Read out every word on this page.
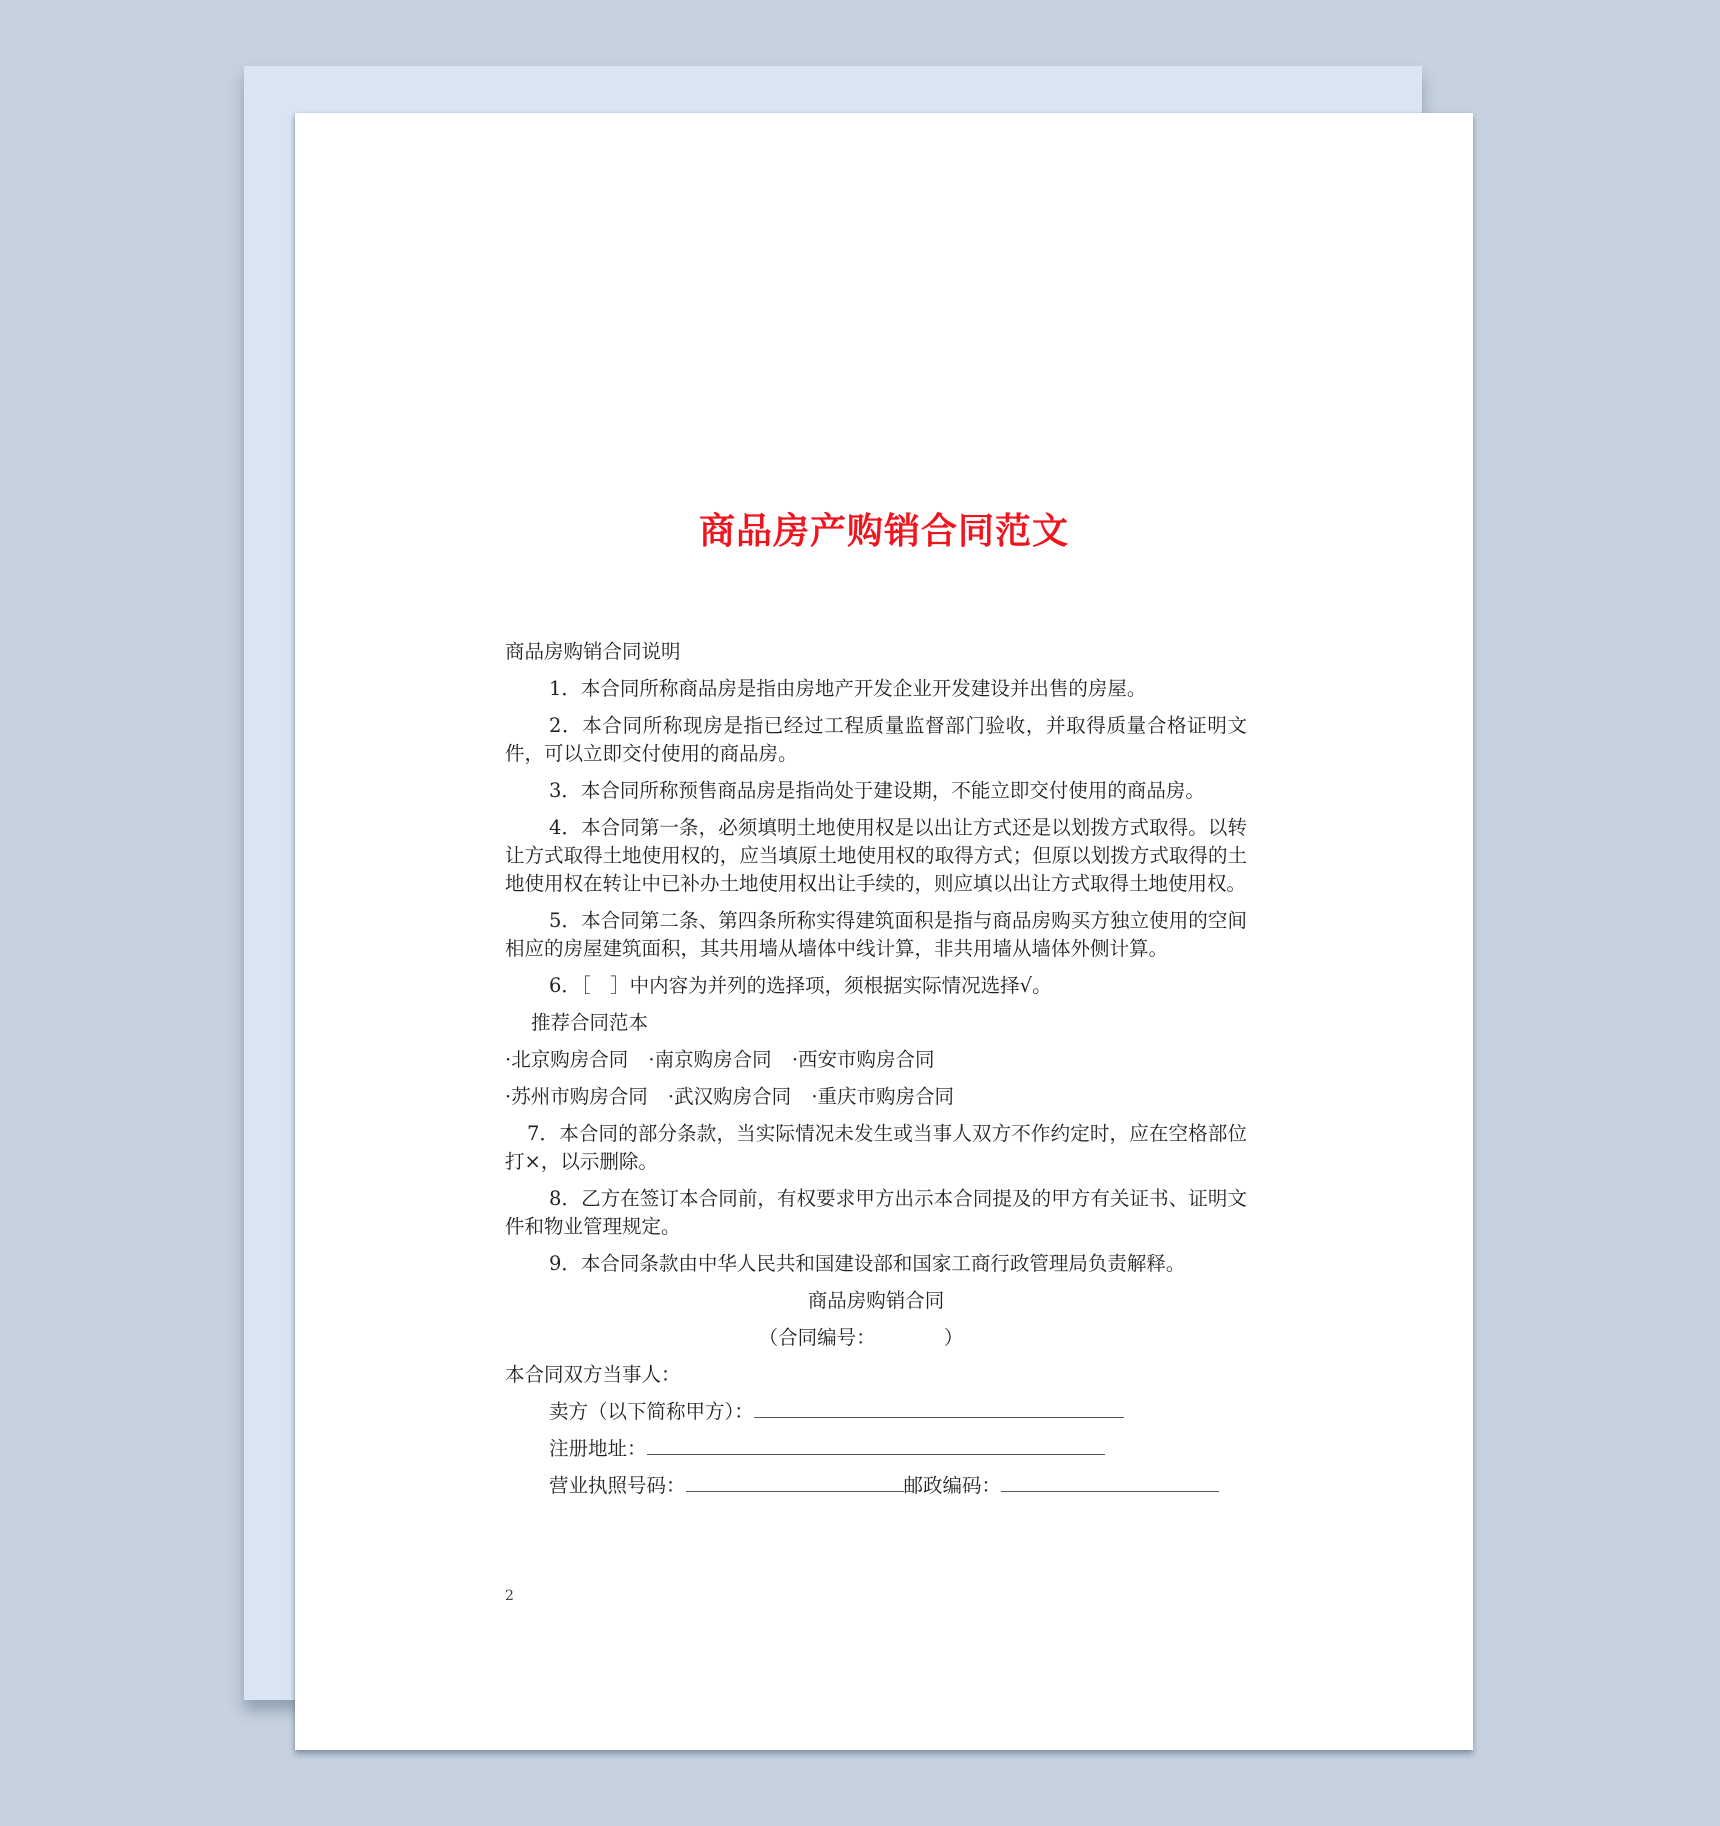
商品房产购销合同范文

商品房购销合同说明

1．本合同所称商品房是指由房地产开发企业开发建设并出售的房屋。

2．本合同所称现房是指已经过工程质量监督部门验收，并取得质量合格证明文件，可以立即交付使用的商品房。

3．本合同所称预售商品房是指尚处于建设期，不能立即交付使用的商品房。

4．本合同第一条，必须填明土地使用权是以出让方式还是以划拨方式取得。以转让方式取得土地使用权的，应当填原土地使用权的取得方式；但原以划拨方式取得的土地使用权在转让中已补办土地使用权出让手续的，则应填以出让方式取得土地使用权。

5．本合同第二条、第四条所称实得建筑面积是指与商品房购买方独立使用的空间相应的房屋建筑面积，其共用墙从墙体中线计算，非共用墙从墙体外侧计算。

6．［　］中内容为并列的选择项，须根据实际情况选择√。

推荐合同范本

·北京购房合同 ·南京购房合同 ·西安市购房合同
·苏州市购房合同 ·武汉购房合同 ·重庆市购房合同

7．本合同的部分条款，当实际情况未发生或当事人双方不作约定时，应在空格部位打×，以示删除。

8．乙方在签订本合同前，有权要求甲方出示本合同提及的甲方有关证书、证明文件和物业管理规定。

9．本合同条款由中华人民共和国建设部和国家工商行政管理局负责解释。

商品房购销合同

（合同编号：　　　　）

本合同双方当事人：

卖方（以下简称甲方）：
注册地址：
营业执照号码：	邮政编码：
2
